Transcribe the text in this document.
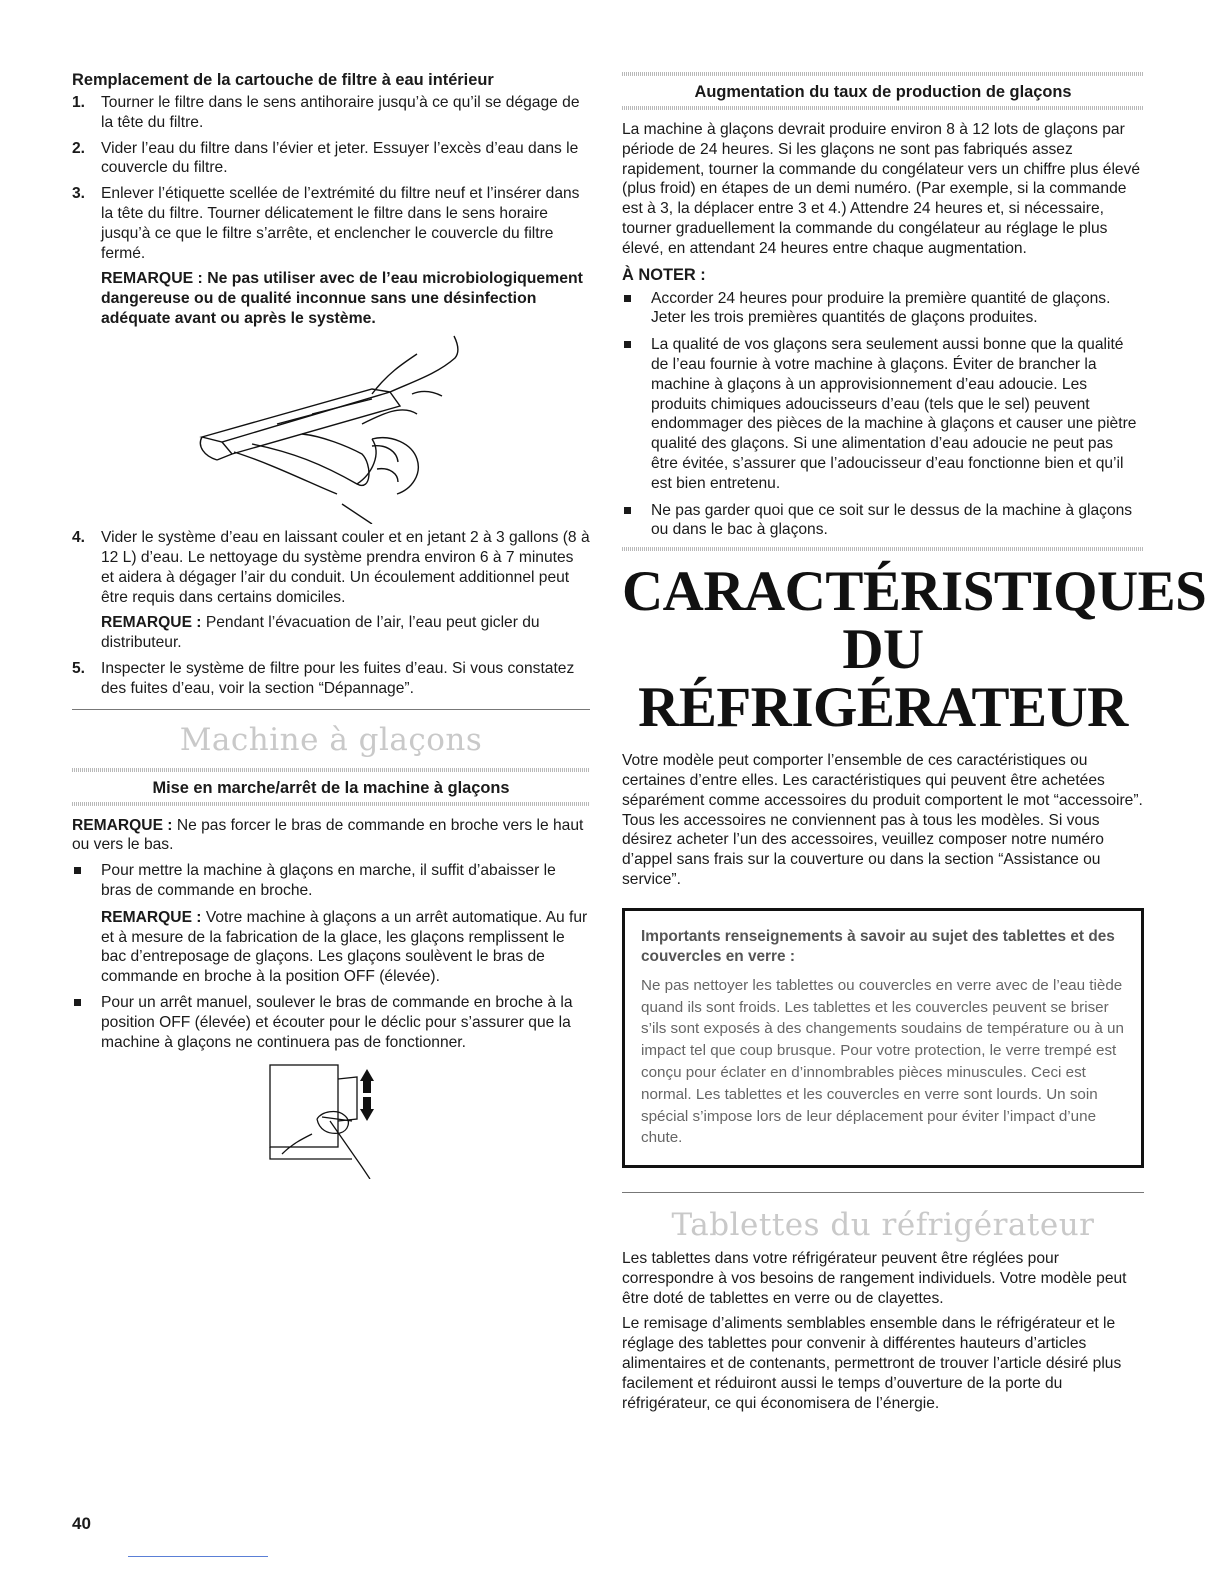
Remplacement de la cartouche de filtre à eau intérieur
1. Tourner le filtre dans le sens antihoraire jusqu’à ce qu’il se dégage de la tête du filtre.
2. Vider l’eau du filtre dans l’évier et jeter. Essuyer l’excès d’eau dans le couvercle du filtre.
3. Enlever l’étiquette scellée de l’extrémité du filtre neuf et l’insérer dans la tête du filtre. Tourner délicatement le filtre dans le sens horaire jusqu’à ce que le filtre s’arrête, et enclencher le couvercle du filtre fermé.
REMARQUE : Ne pas utiliser avec de l’eau microbiologiquement dangereuse ou de qualité inconnue sans une désinfection adéquate avant ou après le système.
4. Vider le système d’eau en laissant couler et en jetant 2 à 3 gallons (8 à 12 L) d’eau. Le nettoyage du système prendra environ 6 à 7 minutes et aidera à dégager l’air du conduit. Un écoulement additionnel peut être requis dans certains domiciles.
REMARQUE : Pendant l’évacuation de l’air, l’eau peut gicler du distributeur.
5. Inspecter le système de filtre pour les fuites d’eau. Si vous constatez des fuites d’eau, voir la section “Dépannage”.
Machine à glaçons
Mise en marche/arrêt de la machine à glaçons

REMARQUE : Ne pas forcer le bras de commande en broche vers le haut ou vers le bas.

Pour mettre la machine à glaçons en marche, il suffit d’abaisser le bras de commande en broche.
REMARQUE : Votre machine à glaçons a un arrêt automatique. Au fur et à mesure de la fabrication de la glace, les glaçons remplissent le bac d’entreposage de glaçons. Les glaçons soulèvent le bras de commande en broche à la position OFF (élevée).
Pour un arrêt manuel, soulever le bras de commande en broche à la position OFF (élevée) et écouter pour le déclic pour s’assurer que la machine à glaçons ne continuera pas de fonctionner.
Augmentation du taux de production de glaçons

La machine à glaçons devrait produire environ 8 à 12 lots de glaçons par période de 24 heures. Si les glaçons ne sont pas fabriqués assez rapidement, tourner la commande du congélateur vers un chiffre plus élevé (plus froid) en étapes de un demi numéro. (Par exemple, si la commande est à 3, la déplacer entre 3 et 4.) Attendre 24 heures et, si nécessaire, tourner graduellement la commande du congélateur au réglage le plus élevé, en attendant 24 heures entre chaque augmentation.

À NOTER :
Accorder 24 heures pour produire la première quantité de glaçons. Jeter les trois premières quantités de glaçons produites.
La qualité de vos glaçons sera seulement aussi bonne que la qualité de l’eau fournie à votre machine à glaçons. Éviter de brancher la machine à glaçons à un approvisionnement d’eau adoucie. Les produits chimiques adoucisseurs d’eau (tels que le sel) peuvent endommager des pièces de la machine à glaçons et causer une piètre qualité des glaçons. Si une alimentation d’eau adoucie ne peut pas être évitée, s’assurer que l’adoucisseur d’eau fonctionne bien et qu’il est bien entretenu.
Ne pas garder quoi que ce soit sur le dessus de la machine à glaçons ou dans le bac à glaçons.
CARACTÉRISTIQUES
DU RÉFRIGÉRATEUR

Votre modèle peut comporter l’ensemble de ces caractéristiques ou certaines d’entre elles. Les caractéristiques qui peuvent être achetées séparément comme accessoires du produit comportent le mot “accessoire”. Tous les accessoires ne conviennent pas à tous les modèles. Si vous désirez acheter l’un des accessoires, veuillez composer notre numéro d’appel sans frais sur la couverture ou dans la section “Assistance ou service”.

Importants renseignements à savoir au sujet des tablettes et des couvercles en verre :
Ne pas nettoyer les tablettes ou couvercles en verre avec de l’eau tiède quand ils sont froids. Les tablettes et les couvercles peuvent se briser s’ils sont exposés à des changements soudains de température ou à un impact tel que coup brusque. Pour votre protection, le verre trempé est conçu pour éclater en d’innombrables pièces minuscules. Ceci est normal. Les tablettes et les couvercles en verre sont lourds. Un soin spécial s’impose lors de leur déplacement pour éviter l’impact d’une chute.
Tablettes du réfrigérateur

Les tablettes dans votre réfrigérateur peuvent être réglées pour correspondre à vos besoins de rangement individuels. Votre modèle peut être doté de tablettes en verre ou de clayettes.

Le remisage d’aliments semblables ensemble dans le réfrigérateur et le réglage des tablettes pour convenir à différentes hauteurs d’articles alimentaires et de contenants, permettront de trouver l’article désiré plus facilement et réduiront aussi le temps d’ouverture de la porte du réfrigérateur, ce qui économisera de l’énergie.

40
